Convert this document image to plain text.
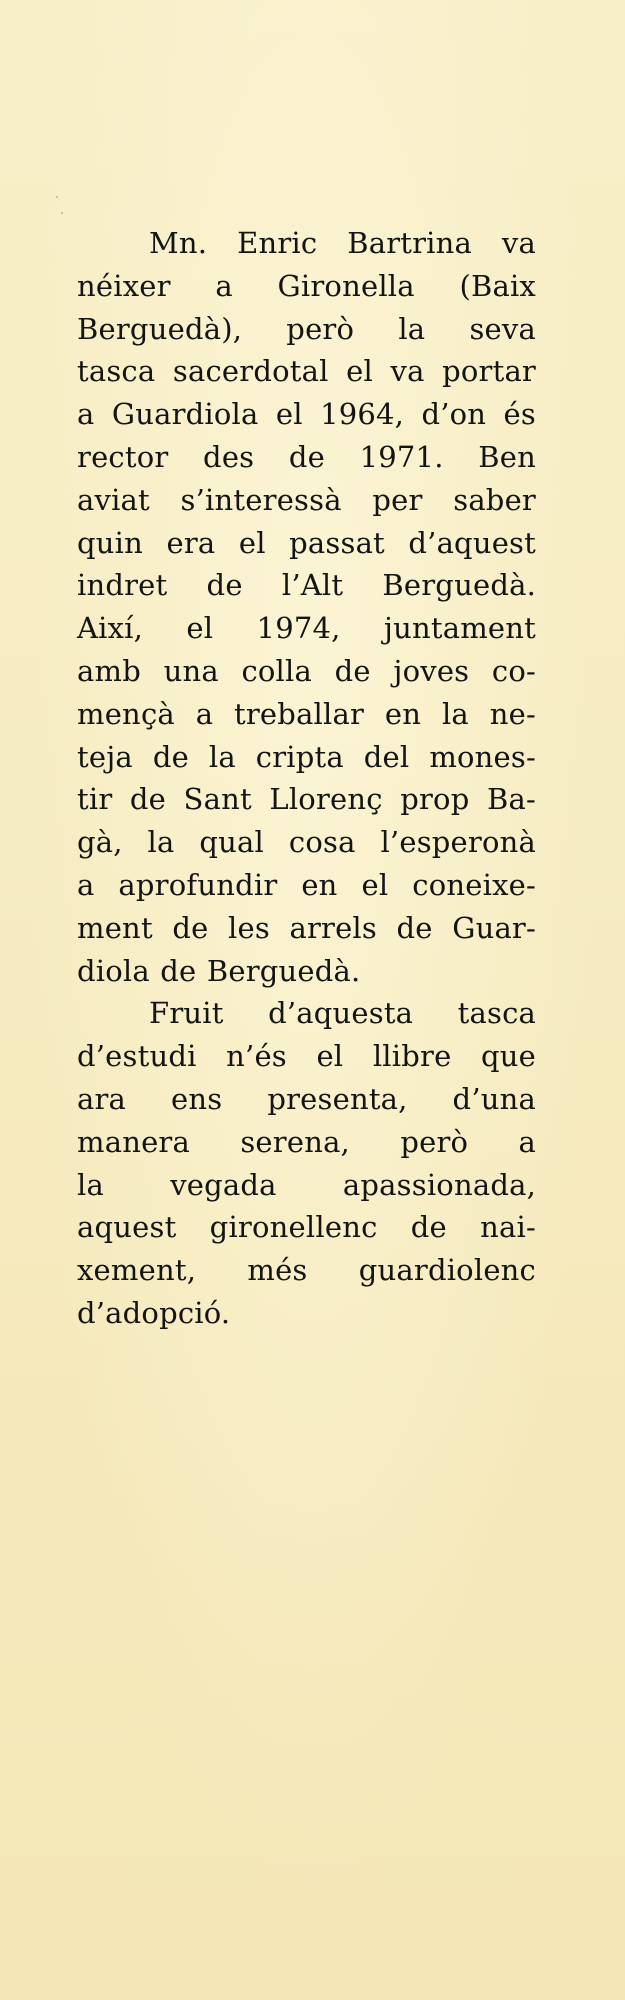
Mn. Enric Bartrina va
néixer a Gironella (Baix
Berguedà), però la seva
tasca sacerdotal el va portar
a Guardiola el 1964, d’on és
rector des de 1971. Ben
aviat s’interessà per saber
quin era el passat d’aquest
indret de l’Alt Berguedà.
Així, el 1974, juntament
amb una colla de joves co-
mençà a treballar en la ne-
teja de la cripta del mones-
tir de Sant Llorenç prop Ba-
gà, la qual cosa l’esperonà
a aprofundir en el coneixe-
ment de les arrels de Guar-
diola de Berguedà.

Fruit d’aquesta tasca
d’estudi n’és el llibre que
ara ens presenta, d’una
manera serena, però a
la vegada apassionada,
aquest gironellenc de nai-
xement, més guardiolenc
d’adopció.
